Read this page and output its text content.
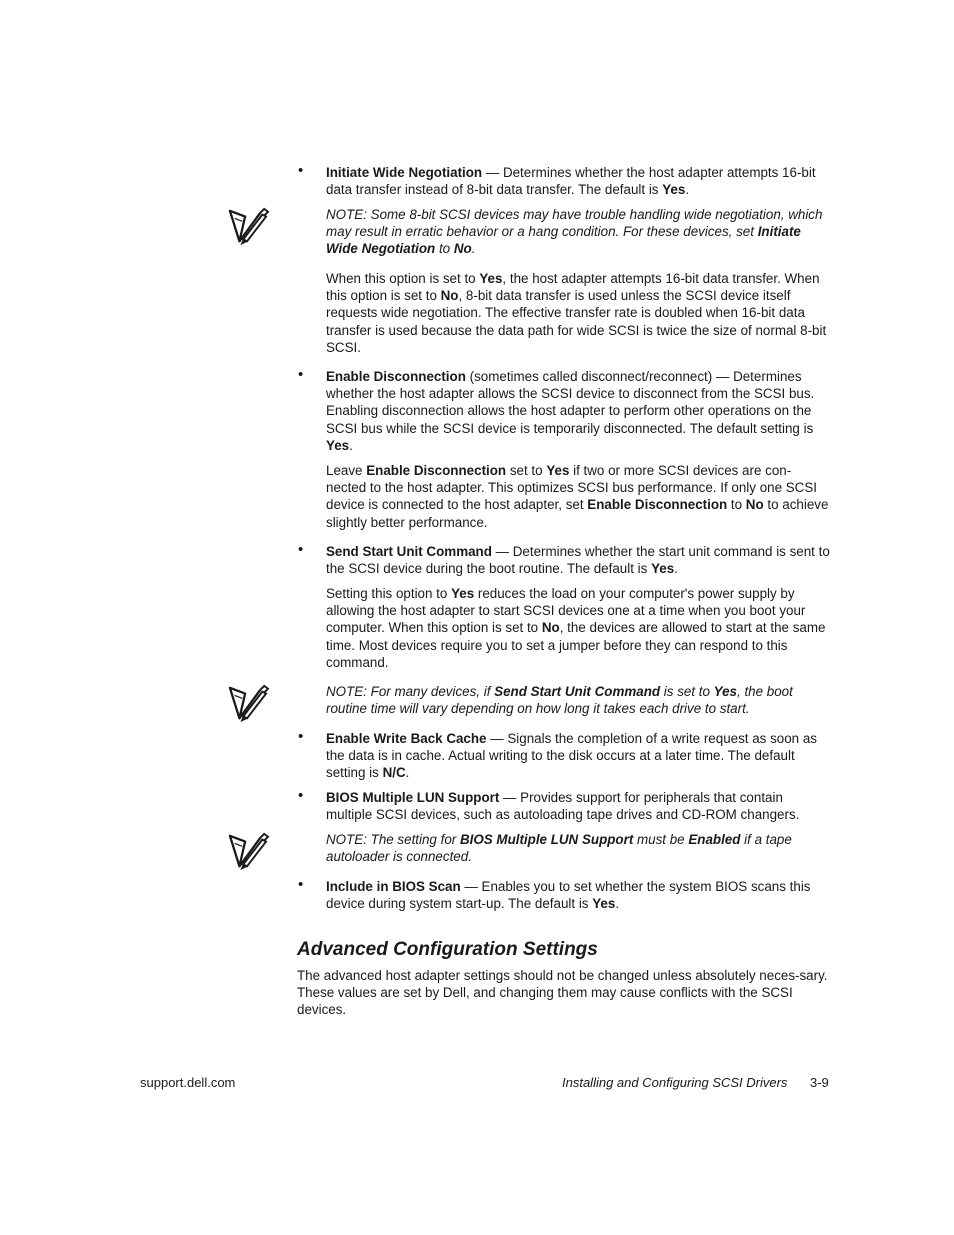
• Initiate Wide Negotiation — Determines whether the host adapter attempts 16-bit data transfer instead of 8-bit data transfer. The default is Yes.

NOTE: Some 8-bit SCSI devices may have trouble handling wide negotiation, which may result in erratic behavior or a hang condition. For these devices, set Initiate Wide Negotiation to No.

When this option is set to Yes, the host adapter attempts 16-bit data transfer. When this option is set to No, 8-bit data transfer is used unless the SCSI device itself requests wide negotiation. The effective transfer rate is doubled when 16-bit data transfer is used because the data path for wide SCSI is twice the size of normal 8-bit SCSI.

• Enable Disconnection (sometimes called disconnect/reconnect) — Determines whether the host adapter allows the SCSI device to disconnect from the SCSI bus. Enabling disconnection allows the host adapter to perform other operations on the SCSI bus while the SCSI device is temporarily disconnected. The default setting is Yes.

Leave Enable Disconnection set to Yes if two or more SCSI devices are con-nected to the host adapter. This optimizes SCSI bus performance. If only one SCSI device is connected to the host adapter, set Enable Disconnection to No to achieve slightly better performance.

• Send Start Unit Command — Determines whether the start unit command is sent to the SCSI device during the boot routine. The default is Yes.

Setting this option to Yes reduces the load on your computer's power supply by allowing the host adapter to start SCSI devices one at a time when you boot your computer. When this option is set to No, the devices are allowed to start at the same time. Most devices require you to set a jumper before they can respond to this command.

NOTE: For many devices, if Send Start Unit Command is set to Yes, the boot routine time will vary depending on how long it takes each drive to start.

• Enable Write Back Cache — Signals the completion of a write request as soon as the data is in cache. Actual writing to the disk occurs at a later time. The default setting is N/C.

• BIOS Multiple LUN Support — Provides support for peripherals that contain multiple SCSI devices, such as autoloading tape drives and CD-ROM changers.

NOTE: The setting for BIOS Multiple LUN Support must be Enabled if a tape autoloader is connected.

• Include in BIOS Scan — Enables you to set whether the system BIOS scans this device during system start-up. The default is Yes.

Advanced Configuration Settings

The advanced host adapter settings should not be changed unless absolutely neces-sary. These values are set by Dell, and changing them may cause conflicts with the SCSI devices.

support.dell.com	Installing and Configuring SCSI Drivers 3-9
